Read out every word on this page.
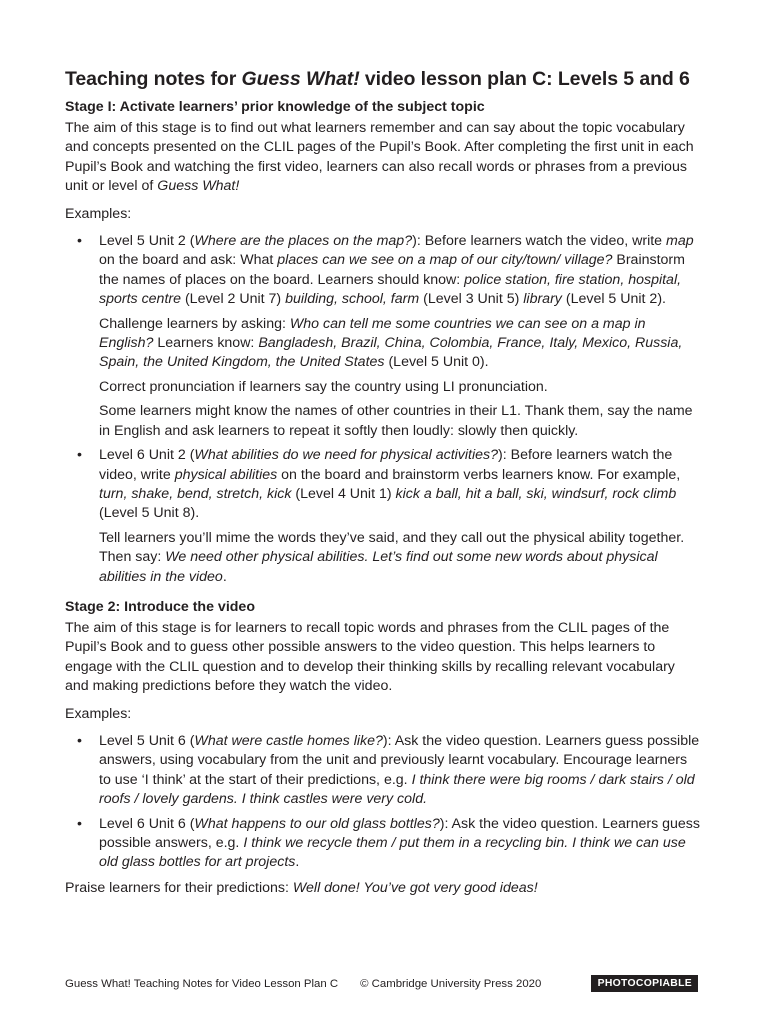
Teaching notes for Guess What! video lesson plan C: Levels 5 and 6
Stage I: Activate learners’ prior knowledge of the subject topic

The aim of this stage is to find out what learners remember and can say about the topic vocabulary and concepts presented on the CLIL pages of the Pupil’s Book. After completing the first unit in each Pupil’s Book and watching the first video, learners can also recall words or phrases from a previous unit or level of Guess What!

Examples:

• Level 5 Unit 2 (Where are the places on the map?): Before learners watch the video, write map on the board and ask: What places can we see on a map of our city/town/ village? Brainstorm the names of places on the board. Learners should know: police station, fire station, hospital, sports centre (Level 2 Unit 7) building, school, farm (Level 3 Unit 5) library (Level 5 Unit 2).

Challenge learners by asking: Who can tell me some countries we can see on a map in English? Learners know: Bangladesh, Brazil, China, Colombia, France, Italy, Mexico, Russia, Spain, the United Kingdom, the United States (Level 5 Unit 0).

Correct pronunciation if learners say the country using LI pronunciation.

Some learners might know the names of other countries in their L1. Thank them, say the name in English and ask learners to repeat it softly then loudly: slowly then quickly.

• Level 6 Unit 2 (What abilities do we need for physical activities?): Before learners watch the video, write physical abilities on the board and brainstorm verbs learners know. For example, turn, shake, bend, stretch, kick (Level 4 Unit 1) kick a ball, hit a ball, ski, windsurf, rock climb (Level 5 Unit 8).

Tell learners you’ll mime the words they’ve said, and they call out the physical ability together. Then say: We need other physical abilities. Let’s find out some new words about physical abilities in the video.

Stage 2: Introduce the video

The aim of this stage is for learners to recall topic words and phrases from the CLIL pages of the Pupil’s Book and to guess other possible answers to the video question. This helps learners to engage with the CLIL question and to develop their thinking skills by recalling relevant vocabulary and making predictions before they watch the video.

Examples:

• Level 5 Unit 6 (What were castle homes like?): Ask the video question. Learners guess possible answers, using vocabulary from the unit and previously learnt vocabulary. Encourage learners to use ‘I think’ at the start of their predictions, e.g. I think there were big rooms / dark stairs / old roofs / lovely gardens. I think castles were very cold.

• Level 6 Unit 6 (What happens to our old glass bottles?): Ask the video question. Learners guess possible answers, e.g. I think we recycle them / put them in a recycling bin. I think we can use old glass bottles for art projects.

Praise learners for their predictions: Well done! You’ve got very good ideas!

Guess What! Teaching Notes for Video Lesson Plan C © Cambridge University Press 2020	PHOTOCOPIABLE
